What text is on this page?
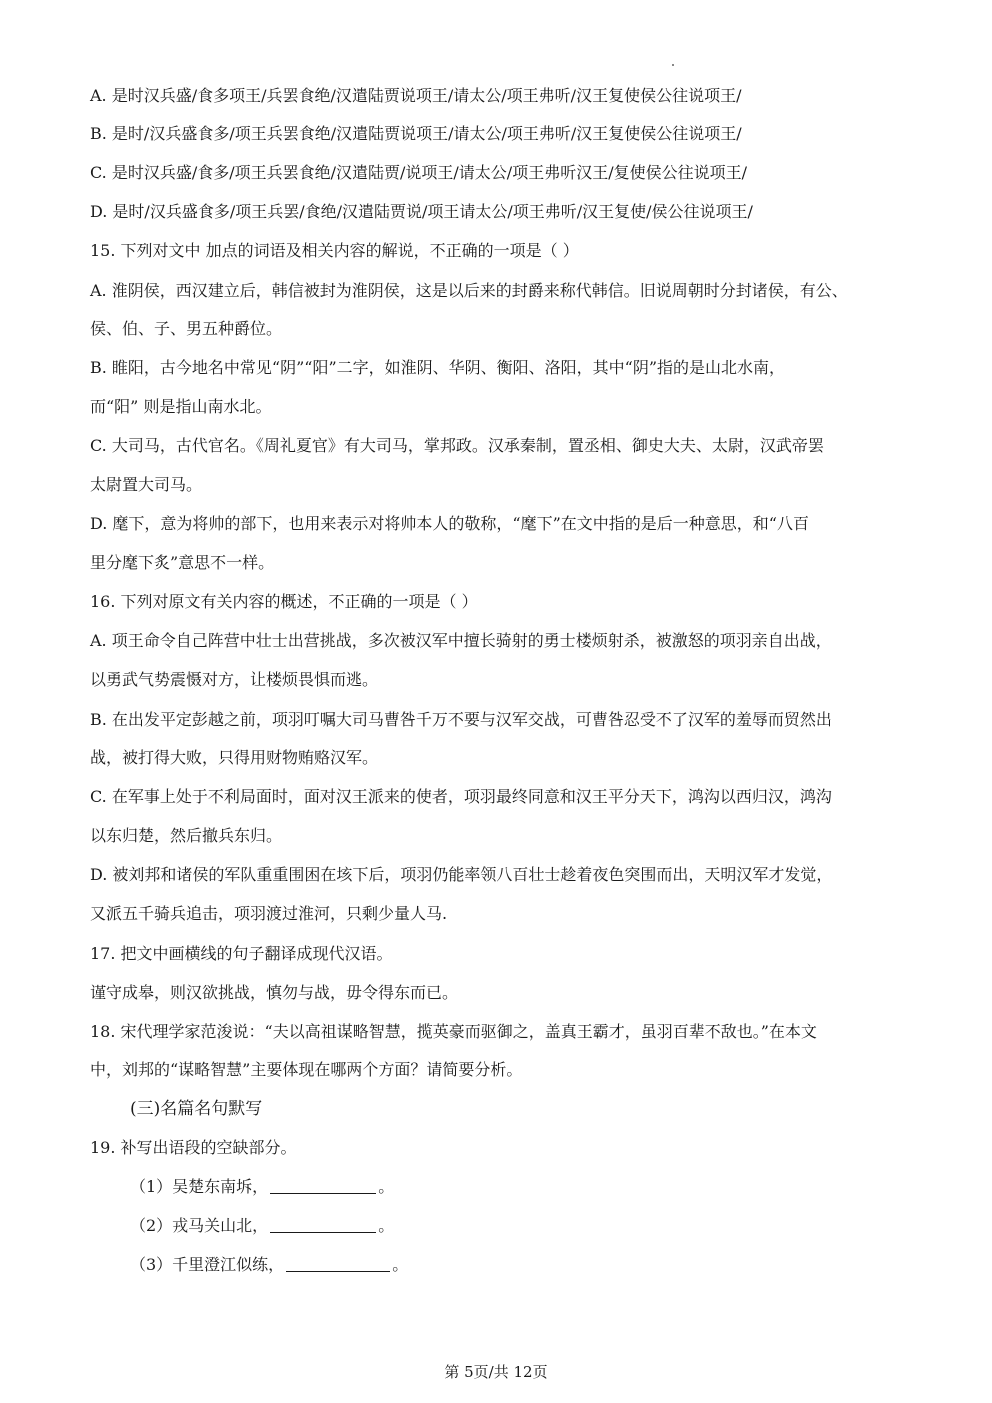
A. 是时汉兵盛/食多项王/兵罢食绝/汉遣陆贾说项王/请太公/项王弗听/汉王复使侯公往说项王/
B. 是时/汉兵盛食多/项王兵罢食绝/汉遣陆贾说项王/请太公/项王弗听/汉王复使侯公往说项王/
C. 是时汉兵盛/食多/项王兵罢食绝/汉遣陆贾/说项王/请太公/项王弗听汉王/复使侯公往说项王/
D. 是时/汉兵盛食多/项王兵罢/食绝/汉遣陆贾说/项王请太公/项王弗听/汉王复使/侯公往说项王/
15. 下列对文中 加点的词语及相关内容的解说，不正确的一项是（ ）
A. 淮阴侯，西汉建立后，韩信被封为淮阴侯，这是以后来的封爵来称代韩信。旧说周朝时分封诸侯，有公、
侯、伯、子、男五种爵位。
B. 睢阳，古今地名中常见“阴”“阳”二字，如淮阴、华阴、衡阳、洛阳，其中“阴”指的是山北水南，
而“阳” 则是指山南水北。
C. 大司马，古代官名。《周礼夏官》有大司马，掌邦政。汉承秦制，置丞相、御史大夫、太尉，汉武帝罢
太尉置大司马。
D. 麾下，意为将帅的部下，也用来表示对将帅本人的敬称，“麾下”在文中指的是后一种意思，和“八百
里分麾下炙”意思不一样。
16. 下列对原文有关内容的概述，不正确的一项是（ ）
A. 项王命令自己阵营中壮士出营挑战，多次被汉军中擅长骑射的勇士楼烦射杀，被激怒的项羽亲自出战，
以勇武气势震慑对方，让楼烦畏惧而逃。
B. 在出发平定彭越之前，项羽叮嘱大司马曹咎千万不要与汉军交战，可曹咎忍受不了汉军的羞辱而贸然出
战，被打得大败，只得用财物贿赂汉军。
C. 在军事上处于不利局面时，面对汉王派来的使者，项羽最终同意和汉王平分天下，鸿沟以西归汉，鸿沟
以东归楚，然后撤兵东归。
D. 被刘邦和诸侯的军队重重围困在垓下后，项羽仍能率领八百壮士趁着夜色突围而出，天明汉军才发觉，
又派五千骑兵追击，项羽渡过淮河，只剩少量人马.
17. 把文中画横线的句子翻译成现代汉语。
谨守成皋，则汉欲挑战，慎勿与战，毋令得东而已。
18. 宋代理学家范浚说：“夫以高祖谋略智慧，揽英豪而驱御之，盖真王霸才，虽羽百辈不敌也。”在本文
中，刘邦的“谋略智慧”主要体现在哪两个方面？请简要分析。
(三)名篇名句默写
19. 补写出语段的空缺部分。
（1）吴楚东南坼，	。
（2）戎马关山北，	。
（3）千里澄江似练，	。
第 5页/共 12页
